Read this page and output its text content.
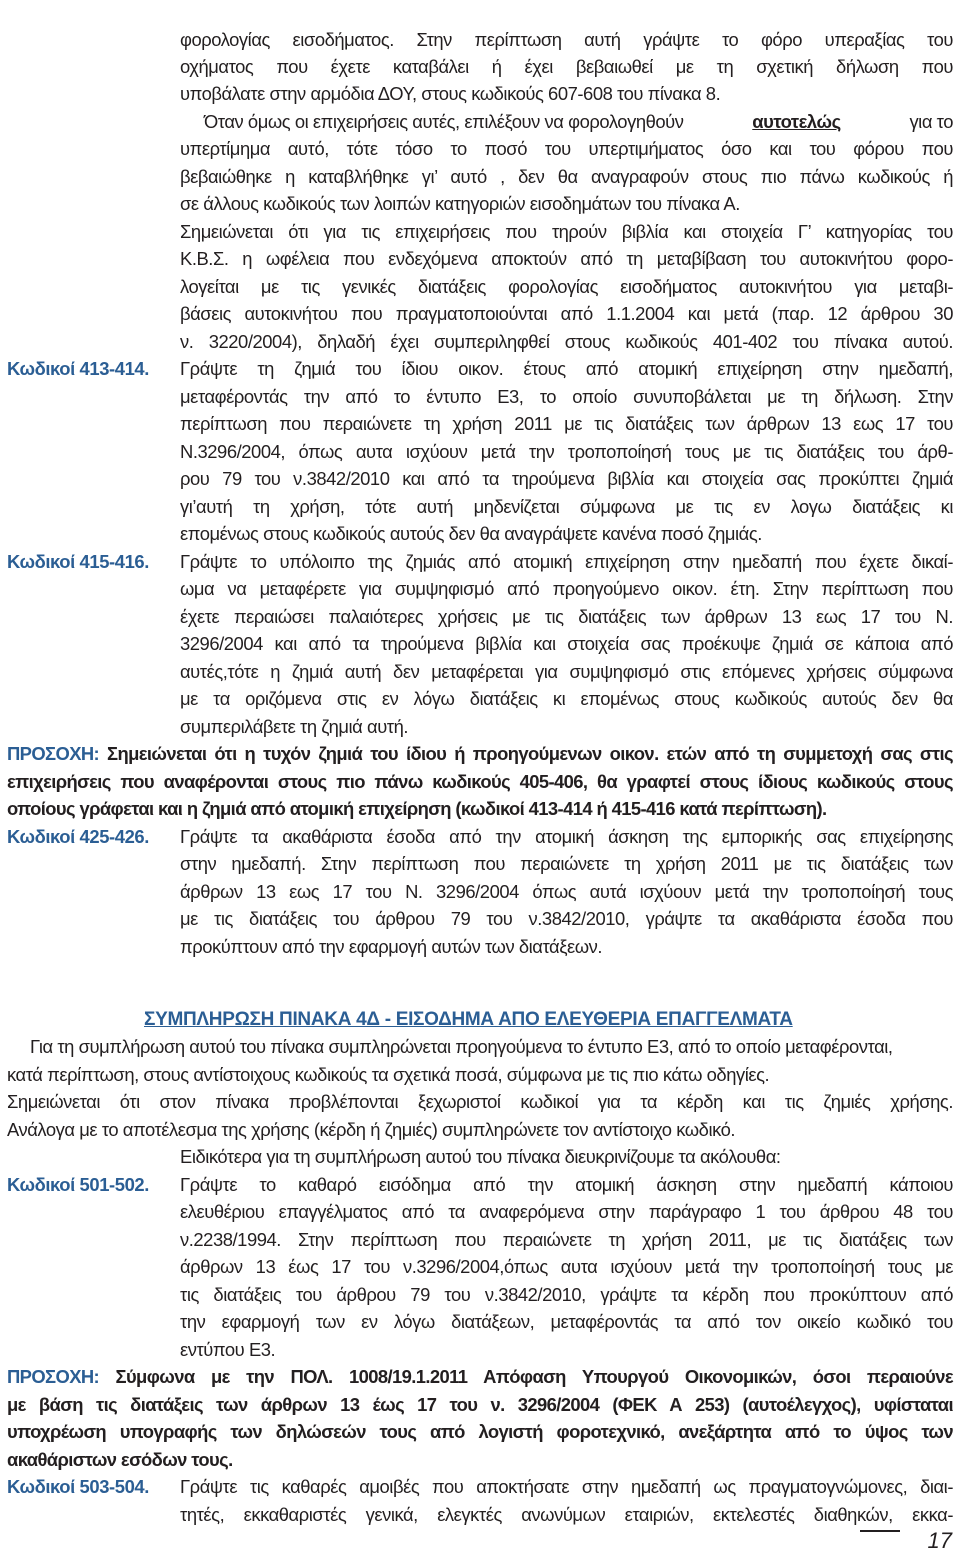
φορολογίας εισοδήματος. Στην περίπτωση αυτή γράψτε το φόρο υπεραξίας του
οχήματος που έχετε καταβάλει ή έχει βεβαιωθεί με τη σχετική δήλωση που
υποβάλατε στην αρμόδια ΔΟΥ, στους κωδικούς 607-608 του πίνακα 8.
Όταν όμως οι επιχειρήσεις αυτές, επιλέξουν να φορολογηθούν	αυτοτελώς	για το
υπερτίμημα αυτό, τότε τόσο το ποσό του υπερτιμήματος όσο και του φόρου που
βεβαιώθηκε η καταβλήθηκε γι’ αυτό , δεν θα αναγραφούν στους πιο πάνω κωδικούς ή
σε άλλους κωδικούς των λοιπών κατηγοριών εισοδημάτων του πίνακα Α.
Σημειώνεται ότι για τις επιχειρήσεις που τηρούν βιβλία και στοιχεία Γ’ κατηγορίας του
Κ.Β.Σ. η ωφέλεια που ενδεχόμενα αποκτούν από τη μεταβίβαση του αυτοκινήτου φορο-
λογείται με τις γενικές διατάξεις φορολογίας εισοδήματος αυτοκινήτου για μεταβι-
βάσεις αυτοκινήτου που πραγματοποιούνται από 1.1.2004 και μετά (παρ. 12 άρθρου 30
ν. 3220/2004), δηλαδή έχει συμπεριληφθεί στους κωδικούς 401-402 του πίνακα αυτού.
Κωδικοί 413-414. Γράψτε τη ζημιά του ίδιου οικον. έτους από ατομική επιχείρηση στην ημεδαπή,
μεταφέροντάς την από το έντυπο Ε3, το οποίο συνυποβάλεται με τη δήλωση. Στην
περίπτωση που περαιώνετε τη χρήση 2011 με τις διατάξεις των άρθρων 13 εως 17 του
Ν.3296/2004, όπως αυτα ισχύουν μετά την τροποποίησή τους με τις διατάξεις του άρθ-
ρου 79 του ν.3842/2010 και από τα τηρούμενα βιβλία και στοιχεία σας προκύπτει ζημιά
γι’αυτή τη χρήση, τότε αυτή μηδενίζεται σύμφωνα με τις εν λογω διατάξεις κι
επομένως στους κωδικούς αυτούς δεν θα αναγράψετε κανένα ποσό ζημιάς.
Κωδικοί 415-416. Γράψτε το υπόλοιπο της ζημιάς από ατομική επιχείρηση στην ημεδαπή που έχετε δικαί-
ωμα να μεταφέρετε για συμψηφισμό από προηγούμενο οικον. έτη. Στην περίπτωση που
έχετε περαιώσει παλαιότερες χρήσεις με τις διατάξεις των άρθρων 13 εως 17 του Ν.
3296/2004 και από τα τηρούμενα βιβλία και στοιχεία σας προέκυψε ζημιά σε κάποια από
αυτές,τότε η ζημιά αυτή δεν μεταφέρεται για συμψηφισμό στις επόμενες χρήσεις σύμφωνα
με τα οριζόμενα στις εν λόγω διατάξεις κι επομένως στους κωδικούς αυτούς δεν θα
συμπεριλάβετε τη ζημιά αυτή.
ΠΡΟΣΟΧΗ: Σημειώνεται ότι η τυχόν ζημιά του ίδιου ή προηγούμενων οικον. ετών από τη συμμετοχή σας στις
επιχειρήσεις που αναφέρονται στους πιο πάνω κωδικούς 405-406, θα γραφτεί στους ίδιους κωδικούς στους
οποίους γράφεται και η ζημιά από ατομική επιχείρηση (κωδικοί 413-414 ή 415-416 κατά περίπτωση).
Κωδικοί 425-426. Γράψτε τα ακαθάριστα έσοδα από την ατομική άσκηση της εμπορικής σας επιχείρησης
στην ημεδαπή. Στην περίπτωση που περαιώνετε τη χρήση 2011 με τις διατάξεις των
άρθρων 13 εως 17 του Ν. 3296/2004 όπως αυτά ισχύουν μετά την τροποποίησή τους
με τις διατάξεις του άρθρου 79 του ν.3842/2010, γράψτε τα ακαθάριστα έσοδα που
προκύπτουν από την εφαρμογή αυτών των διατάξεων.
ΣΥΜΠΛΗΡΩΣΗ ΠΙΝΑΚΑ 4Δ - ΕΙΣΟΔΗΜΑ ΑΠΟ ΕΛΕΥΘΕΡΙΑ ΕΠΑΓΓΕΛΜΑΤΑ
Για τη συμπλήρωση αυτού του πίνακα συμπληρώνεται προηγούμενα το έντυπο Ε3, από το οποίο μεταφέρονται,
κατά περίπτωση, στους αντίστοιχους κωδικούς τα σχετικά ποσά, σύμφωνα με τις πιο κάτω οδηγίες.
Σημειώνεται ότι στον πίνακα προβλέπονται ξεχωριστοί κωδικοί για τα κέρδη και τις ζημιές χρήσης.
Ανάλογα με το αποτέλεσμα της χρήσης (κέρδη ή ζημιές) συμπληρώνετε τον αντίστοιχο κωδικό.
Ειδικότερα για τη συμπλήρωση αυτού του πίνακα διευκρινίζουμε τα ακόλουθα:
Κωδικοί 501-502. Γράψτε το καθαρό εισόδημα από την ατομική άσκηση στην ημεδαπή κάποιου
ελευθέριου επαγγέλματος από τα αναφερόμενα στην παράγραφο 1 του άρθρου 48 του
ν.2238/1994. Στην περίπτωση που περαιώνετε τη χρήση 2011, με τις διατάξεις των
άρθρων 13 έως 17 του ν.3296/2004,όπως αυτα ισχύουν μετά την τροποποίησή τους με
τις διατάξεις του άρθρου 79 του ν.3842/2010, γράψτε τα κέρδη που προκύπτουν από
την εφαρμογή των εν λόγω διατάξεων, μεταφέροντάς τα από τον οικείο κωδικό του
εντύπου Ε3.
ΠΡΟΣΟΧΗ: Σύμφωνα με την ΠΟΛ. 1008/19.1.2011 Απόφαση Υπουργού Οικονομικών, όσοι περαιούνε
με βάση τις διατάξεις των άρθρων 13 έως 17 του ν. 3296/2004 (ΦΕΚ Α 253) (αυτοέλεγχος), υφίσταται
υποχρέωση υπογραφής των δηλώσεών τους από λογιστή φοροτεχνικό, ανεξάρτητα από το ύψος των
ακαθάριστων εσόδων τους.
Κωδικοί 503-504. Γράψτε τις καθαρές αμοιβές που αποκτήσατε στην ημεδαπή ως πραγματογνώμονες, διαι-
τητές, εκκαθαριστές γενικά, ελεγκτές ανωνύμων εταιριών, εκτελεστές διαθηκών, εκκα-
17
